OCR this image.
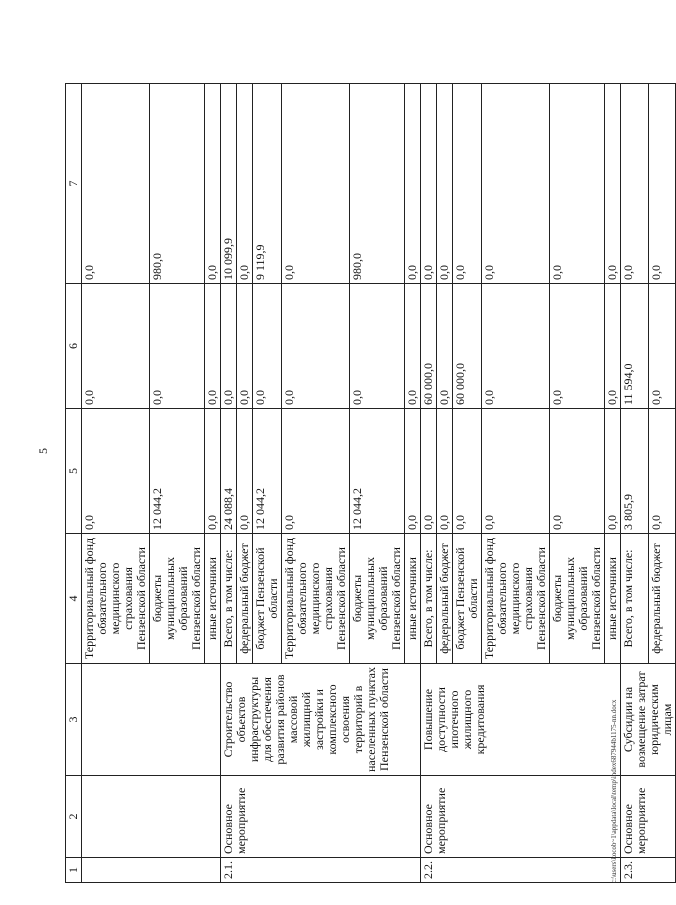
5
1	2	3	4	5	6	7
			Территориальный фонд обязательного медицинского страхования Пензенской области	0,0	0,0	0,0
			бюджеты муниципальных образований Пензенской области	12 044,2	0,0	980,0
			иные источники	0,0	0,0	0,0
2.1.	Основное мероприятие	Строительство объектов инфраструктуры для обеспечения развития районов массовой жилищной застройки и комплексного освоения территорий в населенных пунктах Пензенской области	Всего, в том числе:	24 088,4	0,0	10 099,9
			федеральный бюджет	0,0	0,0	0,0
			бюджет Пензенской области	12 044,2	0,0	9 119,9
			Территориальный фонд обязательного медицинского страхования Пензенской области	0,0	0,0	0,0
			бюджеты муниципальных образований Пензенской области	12 044,2	0,0	980,0
			иные источники	0,0	0,0	0,0
2.2.	Основное мероприятие	Повышение доступности ипотечного жилищного кредитования	Всего, в том числе:	0,0	60 000,0	0,0
			федеральный бюджет	0,0	0,0	0,0
			бюджет Пензенской области	0,0	60 000,0	0,0
			Территориальный фонд обязательного медицинского страхования Пензенской области	0,0	0,0	0,0
			бюджеты муниципальных образований Пензенской области	0,0	0,0	0,0
			иные источники	0,0	0,0	0,0
2.3.	Основное мероприятие	Субсидии на возмещение затрат юридическим лицам	Всего, в том числе:	3 805,9	11 594,0	0,0
			федеральный бюджет	0,0	0,0	0,0
c:\users\kocob~1\appdata\local\temp\index687944b1175-nn.docx
